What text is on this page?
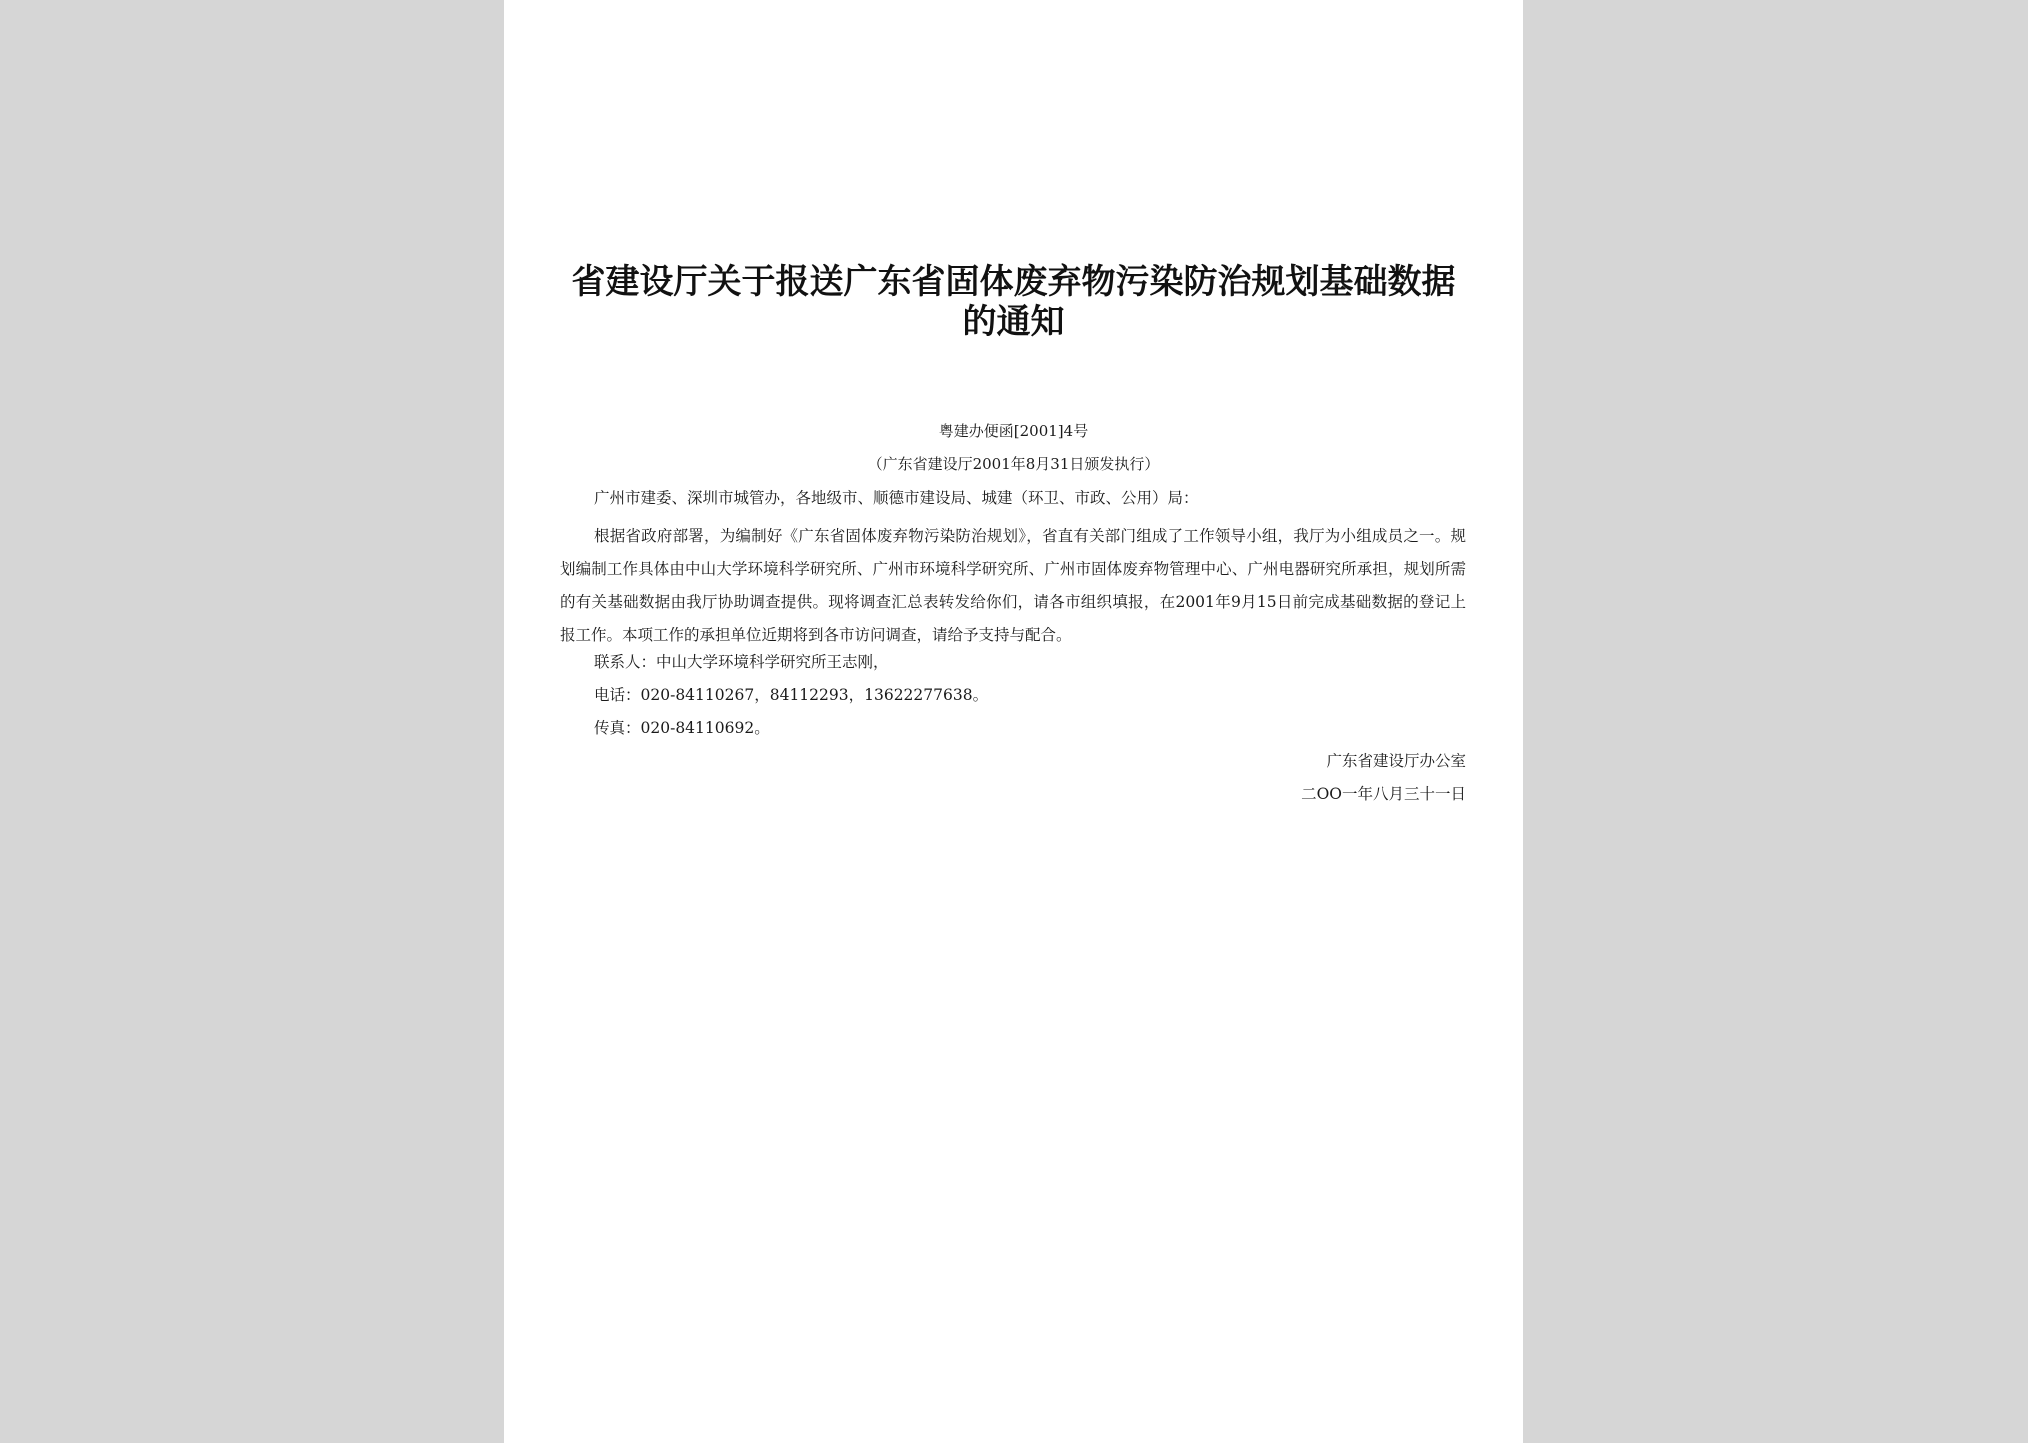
省建设厅关于报送广东省固体废弃物污染防治规划基础数据的通知
粤建办便函[2001]4号
（广东省建设厅2001年8月31日颁发执行）
广州市建委、深圳市城管办，各地级市、顺德市建设局、城建（环卫、市政、公用）局：

根据省政府部署，为编制好《广东省固体废弃物污染防治规划》，省直有关部门组成了工作领导小组，我厅为小组成员之一。规划编制工作具体由中山大学环境科学研究所、广州市环境科学研究所、广州市固体废弃物管理中心、广州电器研究所承担，规划所需的有关基础数据由我厅协助调查提供。现将调查汇总表转发给你们，请各市组织填报，在2001年9月15日前完成基础数据的登记上报工作。本项工作的承担单位近期将到各市访问调查，请给予支持与配合。

联系人：中山大学环境科学研究所王志刚，
电话：020-84110267，84112293，13622277638。
传真：020-84110692。
广东省建设厅办公室
二OO一年八月三十一日
